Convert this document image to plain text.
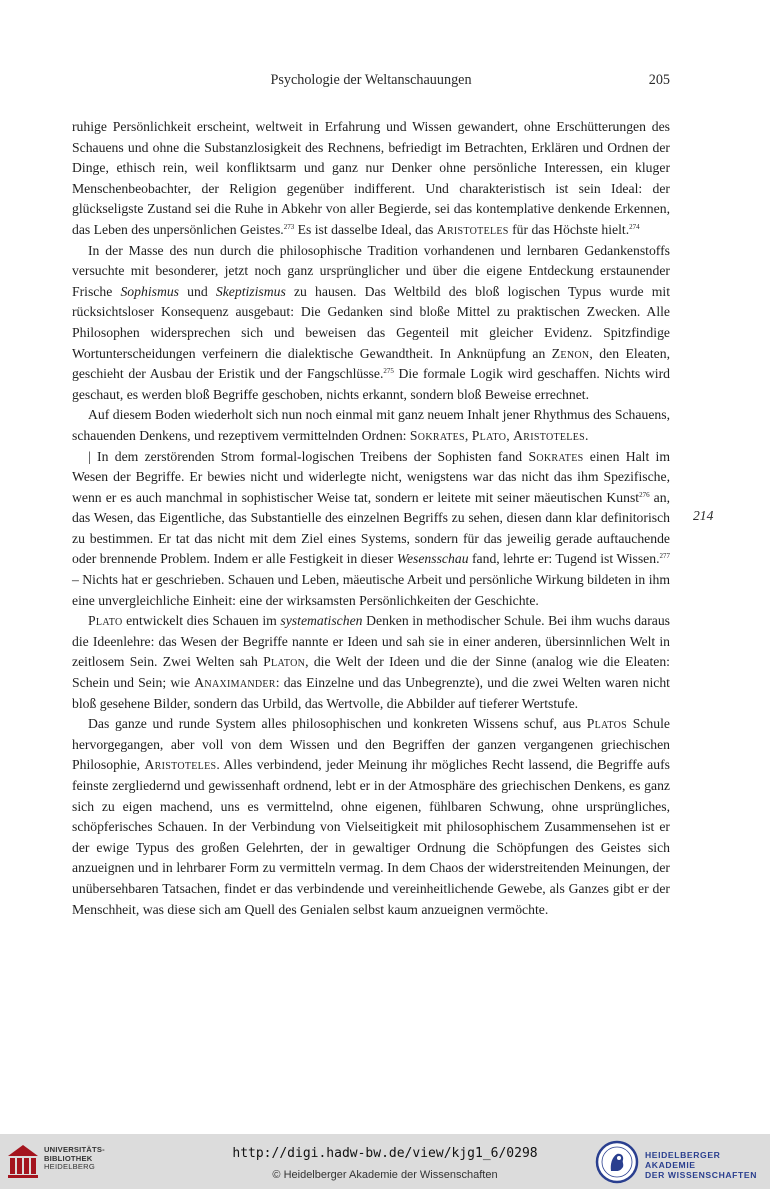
Psychologie der Weltanschauungen	205
214

ruhige Persönlichkeit erscheint, weltweit in Erfahrung und Wissen gewandert, ohne Erschütterungen des Schauens und ohne die Substanzlosigkeit des Rechnens, befriedigt im Betrachten, Erklären und Ordnen der Dinge, ethisch rein, weil konfliktsarm und ganz nur Denker ohne persönliche Interessen, ein kluger Menschenbeobachter, der Religion gegenüber indifferent. Und charakteristisch ist sein Ideal: der glückseligste Zustand sei die Ruhe in Abkehr von aller Begierde, sei das kontemplative denkende Erkennen, das Leben des unpersönlichen Geistes.$^{273}$ Es ist dasselbe Ideal, das Aristoteles für das Höchste hielt.$^{274}$

In der Masse des nun durch die philosophische Tradition vorhandenen und lernbaren Gedankenstoffs versuchte mit besonderer, jetzt noch ganz ursprünglicher und über die eigene Entdeckung erstaunender Frische Sophismus und Skeptizismus zu hausen. Das Weltbild des bloß logischen Typus wurde mit rücksichtsloser Konsequenz ausgebaut: Die Gedanken sind bloße Mittel zu praktischen Zwecken. Alle Philosophen widersprechen sich und beweisen das Gegenteil mit gleicher Evidenz. Spitzfindige Wortunterscheidungen verfeinern die dialektische Gewandtheit. In Anknüpfung an Zenon, den Eleaten, geschieht der Ausbau der Eristik und der Fangschlüsse.$^{275}$ Die formale Logik wird geschaffen. Nichts wird geschaut, es werden bloß Begriffe geschoben, nichts erkannt, sondern bloß Beweise errechnet.

Auf diesem Boden wiederholt sich nun noch einmal mit ganz neuem Inhalt jener Rhythmus des Schauens, schauenden Denkens, und rezeptivem vermittelnden Ordnen: Sokrates, Plato, Aristoteles.

| In dem zerstörenden Strom formal-logischen Treibens der Sophisten fand Sokrates einen Halt im Wesen der Begriffe. Er bewies nicht und widerlegte nicht, wenigstens war das nicht das ihm Spezifische, wenn er es auch manchmal in sophistischer Weise tat, sondern er leitete mit seiner mäeutischen Kunst$^{276}$ an, das Wesen, das Eigentliche, das Substantielle des einzelnen Begriffs zu sehen, diesen dann klar definitorisch zu bestimmen. Er tat das nicht mit dem Ziel eines Systems, sondern für das jeweilig gerade auftauchende oder brennende Problem. Indem er alle Festigkeit in dieser Wesensschau fand, lehrte er: Tugend ist Wissen.$^{277}$ – Nichts hat er geschrieben. Schauen und Leben, mäeutische Arbeit und persönliche Wirkung bildeten in ihm eine unvergleichliche Einheit: eine der wirksamsten Persönlichkeiten der Geschichte.

Plato entwickelt dies Schauen im systematischen Denken in methodischer Schule. Bei ihm wuchs daraus die Ideenlehre: das Wesen der Begriffe nannte er Ideen und sah sie in einer anderen, übersinnlichen Welt in zeitlosem Sein. Zwei Welten sah Platon, die Welt der Ideen und die der Sinne (analog wie die Eleaten: Schein und Sein; wie Anaximander: das Einzelne und das Unbegrenzte), und die zwei Welten waren nicht bloß gesehene Bilder, sondern das Urbild, das Wertvolle, die Abbilder auf tieferer Wertstufe.

Das ganze und runde System alles philosophischen und konkreten Wissens schuf, aus Platos Schule hervorgegangen, aber voll von dem Wissen und den Begriffen der ganzen vergangenen griechischen Philosophie, Aristoteles. Alles verbindend, jeder Meinung ihr mögliches Recht lassend, die Begriffe aufs feinste zergliedernd und gewissenhaft ordnend, lebt er in der Atmosphäre des griechischen Denkens, es ganz sich zu eigen machend, uns es vermittelnd, ohne eigenen, fühlbaren Schwung, ohne ursprüngliches, schöpferisches Schauen. In der Verbindung von Vielseitigkeit mit philosophischem Zusammensehen ist er der ewige Typus des großen Gelehrten, der in gewaltiger Ordnung die Schöpfungen des Geistes sich anzueignen und in lehrbarer Form zu vermitteln vermag. In dem Chaos der widerstreitenden Meinungen, der unübersehbaren Tatsachen, findet er das verbindende und vereinheitlichende Gewebe, als Ganzes gibt er der Menschheit, was diese sich am Quell des Genialen selbst kaum anzueignen vermöchte.

UNIVERSITÄTS-
BIBLIOTHEK
HEIDELBERG
http://digi.hadw-bw.de/view/kjg1_6/0298
© Heidelberger Akademie der Wissenschaften
HEIDELBERGER AKADEMIE
DER WISSENSCHAFTEN
